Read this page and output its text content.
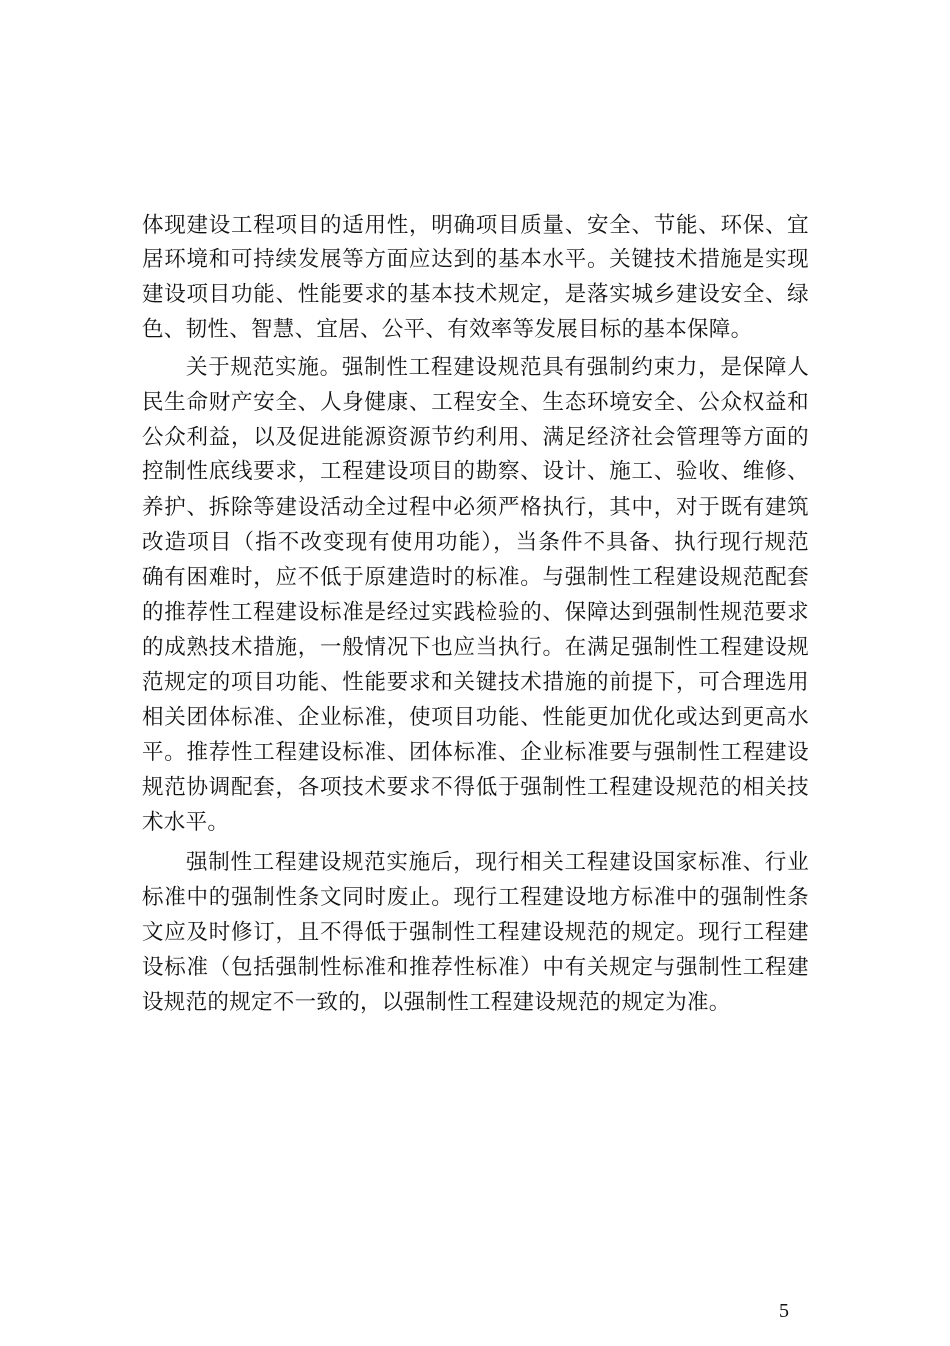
体现建设工程项目的适用性，明确项目质量、安全、节能、环保、宜
居环境和可持续发展等方面应达到的基本水平。关键技术措施是实现
建设项目功能、性能要求的基本技术规定，是落实城乡建设安全、绿
色、韧性、智慧、宜居、公平、有效率等发展目标的基本保障。
关于规范实施。强制性工程建设规范具有强制约束力，是保障人
民生命财产安全、人身健康、工程安全、生态环境安全、公众权益和
公众利益，以及促进能源资源节约利用、满足经济社会管理等方面的
控制性底线要求，工程建设项目的勘察、设计、施工、验收、维修、
养护、拆除等建设活动全过程中必须严格执行，其中，对于既有建筑
改造项目（指不改变现有使用功能），当条件不具备、执行现行规范
确有困难时，应不低于原建造时的标准。与强制性工程建设规范配套
的推荐性工程建设标准是经过实践检验的、保障达到强制性规范要求
的成熟技术措施，一般情况下也应当执行。在满足强制性工程建设规
范规定的项目功能、性能要求和关键技术措施的前提下，可合理选用
相关团体标准、企业标准，使项目功能、性能更加优化或达到更高水
平。推荐性工程建设标准、团体标准、企业标准要与强制性工程建设
规范协调配套，各项技术要求不得低于强制性工程建设规范的相关技
术水平。
强制性工程建设规范实施后，现行相关工程建设国家标准、行业
标准中的强制性条文同时废止。现行工程建设地方标准中的强制性条
文应及时修订，且不得低于强制性工程建设规范的规定。现行工程建
设标准（包括强制性标准和推荐性标准）中有关规定与强制性工程建
设规范的规定不一致的，以强制性工程建设规范的规定为准。
5
